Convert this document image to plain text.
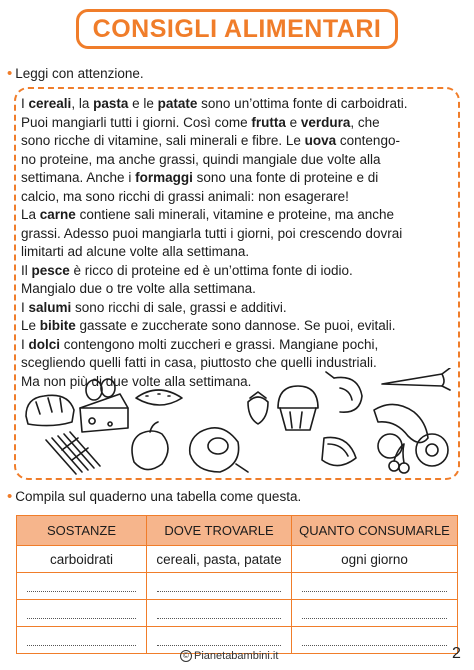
CONSIGLI ALIMENTARI
• Leggi con attenzione.
I cereali, la pasta e le patate sono un’ottima fonte di carboidrati.
Puoi mangiarli tutti i giorni. Così come frutta e verdura, che
sono ricche di vitamine, sali minerali e fibre. Le uova contengo-
no proteine, ma anche grassi, quindi mangiale due volte alla
settimana. Anche i formaggi sono una fonte di proteine e di
calcio, ma sono ricchi di grassi animali: non esagerare!
La carne contiene sali minerali, vitamine e proteine, ma anche
grassi. Adesso puoi mangiarla tutti i giorni, poi crescendo dovrai
limitarti ad alcune volte alla settimana.
Il pesce è ricco di proteine ed è un’ottima fonte di iodio.
Mangialo due o tre volte alla settimana.
I salumi sono ricchi di sale, grassi e additivi.
Le bibite gassate e zuccherate sono dannose. Se puoi, evitali.
I dolci contengono molti zuccheri e grassi. Mangiane pochi,
scegliendo quelli fatti in casa, piuttosto che quelli industriali.
Ma non più di due volte alla settimana.
• Compila sul quaderno una tabella come questa.
SOSTANZE	DOVE TROVARLE	QUANTO CONSUMARLE
carboidrati	cereali, pasta, patate	ogni giorno

© Pianetabambini.it	2
